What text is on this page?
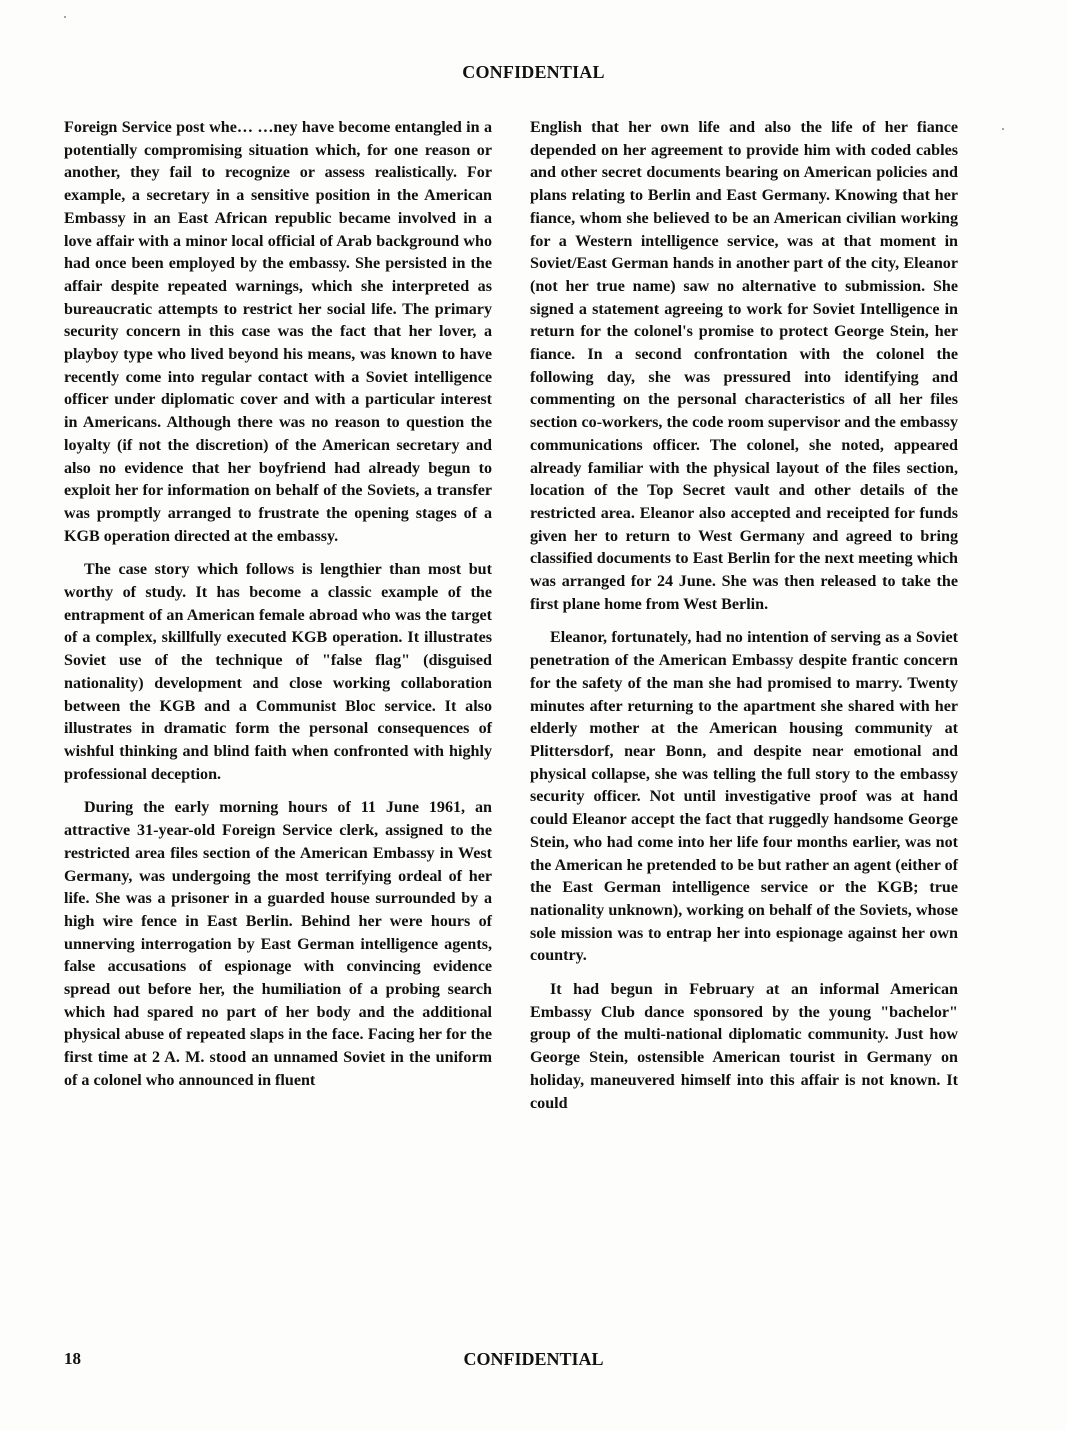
CONFIDENTIAL

Foreign Service post whe… …ney have become entangled in a potentially compromising situation which, for one reason or another, they fail to recognize or assess realistically. For example, a secretary in a sensitive position in the American Embassy in an East African republic became involved in a love affair with a minor local official of Arab background who had once been employed by the embassy. She persisted in the affair despite repeated warnings, which she interpreted as bureaucratic attempts to restrict her social life. The primary security concern in this case was the fact that her lover, a playboy type who lived beyond his means, was known to have recently come into regular contact with a Soviet intelligence officer under diplomatic cover and with a particular interest in Americans. Although there was no reason to question the loyalty (if not the discretion) of the American secretary and also no evidence that her boyfriend had already begun to exploit her for information on behalf of the Soviets, a transfer was promptly arranged to frustrate the opening stages of a KGB operation directed at the embassy.

The case story which follows is lengthier than most but worthy of study. It has become a classic example of the entrapment of an American female abroad who was the target of a complex, skillfully executed KGB operation. It illustrates Soviet use of the technique of "false flag" (disguised nationality) development and close working collaboration between the KGB and a Communist Bloc service. It also illustrates in dramatic form the personal consequences of wishful thinking and blind faith when confronted with highly professional deception.

During the early morning hours of 11 June 1961, an attractive 31-year-old Foreign Service clerk, assigned to the restricted area files section of the American Embassy in West Germany, was undergoing the most terrifying ordeal of her life. She was a prisoner in a guarded house surrounded by a high wire fence in East Berlin. Behind her were hours of unnerving interrogation by East German intelligence agents, false accusations of espionage with convincing evidence spread out before her, the humiliation of a probing search which had spared no part of her body and the additional physical abuse of repeated slaps in the face. Facing her for the first time at 2 A. M. stood an unnamed Soviet in the uniform of a colonel who announced in fluent

English that her own life and also the life of her fiance depended on her agreement to provide him with coded cables and other secret documents bearing on American policies and plans relating to Berlin and East Germany. Knowing that her fiance, whom she believed to be an American civilian working for a Western intelligence service, was at that moment in Soviet/East German hands in another part of the city, Eleanor (not her true name) saw no alternative to submission. She signed a statement agreeing to work for Soviet Intelligence in return for the colonel's promise to protect George Stein, her fiance. In a second confrontation with the colonel the following day, she was pressured into identifying and commenting on the personal characteristics of all her files section co-workers, the code room supervisor and the embassy communications officer. The colonel, she noted, appeared already familiar with the physical layout of the files section, location of the Top Secret vault and other details of the restricted area. Eleanor also accepted and receipted for funds given her to return to West Germany and agreed to bring classified documents to East Berlin for the next meeting which was arranged for 24 June. She was then released to take the first plane home from West Berlin.

Eleanor, fortunately, had no intention of serving as a Soviet penetration of the American Embassy despite frantic concern for the safety of the man she had promised to marry. Twenty minutes after returning to the apartment she shared with her elderly mother at the American housing community at Plittersdorf, near Bonn, and despite near emotional and physical collapse, she was telling the full story to the embassy security officer. Not until investigative proof was at hand could Eleanor accept the fact that ruggedly handsome George Stein, who had come into her life four months earlier, was not the American he pretended to be but rather an agent (either of the East German intelligence service or the KGB; true nationality unknown), working on behalf of the Soviets, whose sole mission was to entrap her into espionage against her own country.

It had begun in February at an informal American Embassy Club dance sponsored by the young "bachelor" group of the multi-national diplomatic community. Just how George Stein, ostensible American tourist in Germany on holiday, maneuvered himself into this affair is not known. It could

18	CONFIDENTIAL
